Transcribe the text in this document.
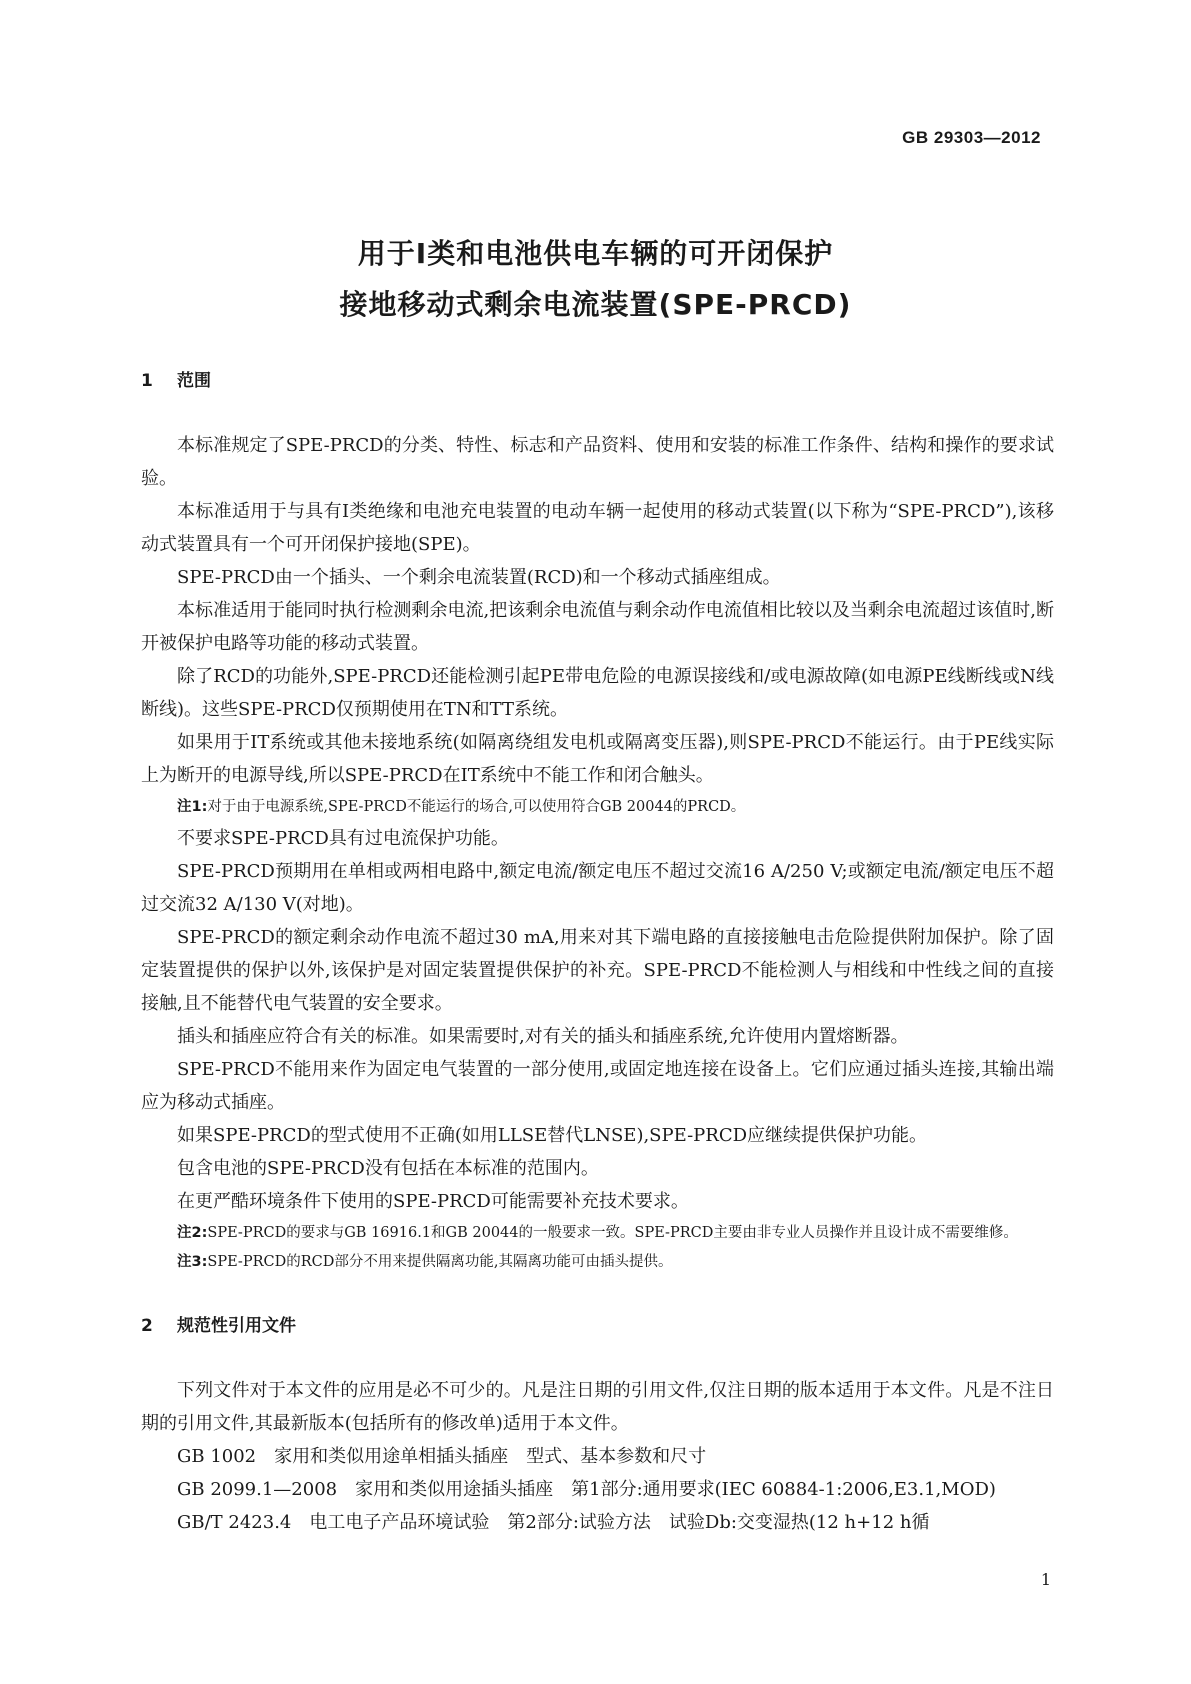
GB 29303—2012
用于Ⅰ类和电池供电车辆的可开闭保护
接地移动式剩余电流装置(SPE-PRCD)
1 范围

本标准规定了SPE-PRCD的分类、特性、标志和产品资料、使用和安装的标准工作条件、结构和操作的要求试验。

本标准适用于与具有Ⅰ类绝缘和电池充电装置的电动车辆一起使用的移动式装置(以下称为“SPE-PRCD”),该移动式装置具有一个可开闭保护接地(SPE)。

SPE-PRCD由一个插头、一个剩余电流装置(RCD)和一个移动式插座组成。

本标准适用于能同时执行检测剩余电流,把该剩余电流值与剩余动作电流值相比较以及当剩余电流超过该值时,断开被保护电路等功能的移动式装置。

除了RCD的功能外,SPE-PRCD还能检测引起PE带电危险的电源误接线和/或电源故障(如电源PE线断线或N线断线)。这些SPE-PRCD仅预期使用在TN和TT系统。

如果用于IT系统或其他未接地系统(如隔离绕组发电机或隔离变压器),则SPE-PRCD不能运行。由于PE线实际上为断开的电源导线,所以SPE-PRCD在IT系统中不能工作和闭合触头。

注1:对于由于电源系统,SPE-PRCD不能运行的场合,可以使用符合GB 20044的PRCD。

不要求SPE-PRCD具有过电流保护功能。

SPE-PRCD预期用在单相或两相电路中,额定电流/额定电压不超过交流16 A/250 V;或额定电流/额定电压不超过交流32 A/130 V(对地)。

SPE-PRCD的额定剩余动作电流不超过30 mA,用来对其下端电路的直接接触电击危险提供附加保护。除了固定装置提供的保护以外,该保护是对固定装置提供保护的补充。SPE-PRCD不能检测人与相线和中性线之间的直接接触,且不能替代电气装置的安全要求。

插头和插座应符合有关的标准。如果需要时,对有关的插头和插座系统,允许使用内置熔断器。

SPE-PRCD不能用来作为固定电气装置的一部分使用,或固定地连接在设备上。它们应通过插头连接,其输出端应为移动式插座。

如果SPE-PRCD的型式使用不正确(如用LLSE替代LNSE),SPE-PRCD应继续提供保护功能。

包含电池的SPE-PRCD没有包括在本标准的范围内。

在更严酷环境条件下使用的SPE-PRCD可能需要补充技术要求。

注2:SPE-PRCD的要求与GB 16916.1和GB 20044的一般要求一致。SPE-PRCD主要由非专业人员操作并且设计成不需要维修。
注3:SPE-PRCD的RCD部分不用来提供隔离功能,其隔离功能可由插头提供。
2 规范性引用文件

下列文件对于本文件的应用是必不可少的。凡是注日期的引用文件,仅注日期的版本适用于本文件。凡是不注日期的引用文件,其最新版本(包括所有的修改单)适用于本文件。

GB 1002　家用和类似用途单相插头插座　型式、基本参数和尺寸
GB 2099.1—2008　家用和类似用途插头插座　第1部分:通用要求(IEC 60884-1:2006,E3.1,MOD)
GB/T 2423.4　电工电子产品环境试验　第2部分:试验方法　试验Db:交变湿热(12 h+12 h循
1
